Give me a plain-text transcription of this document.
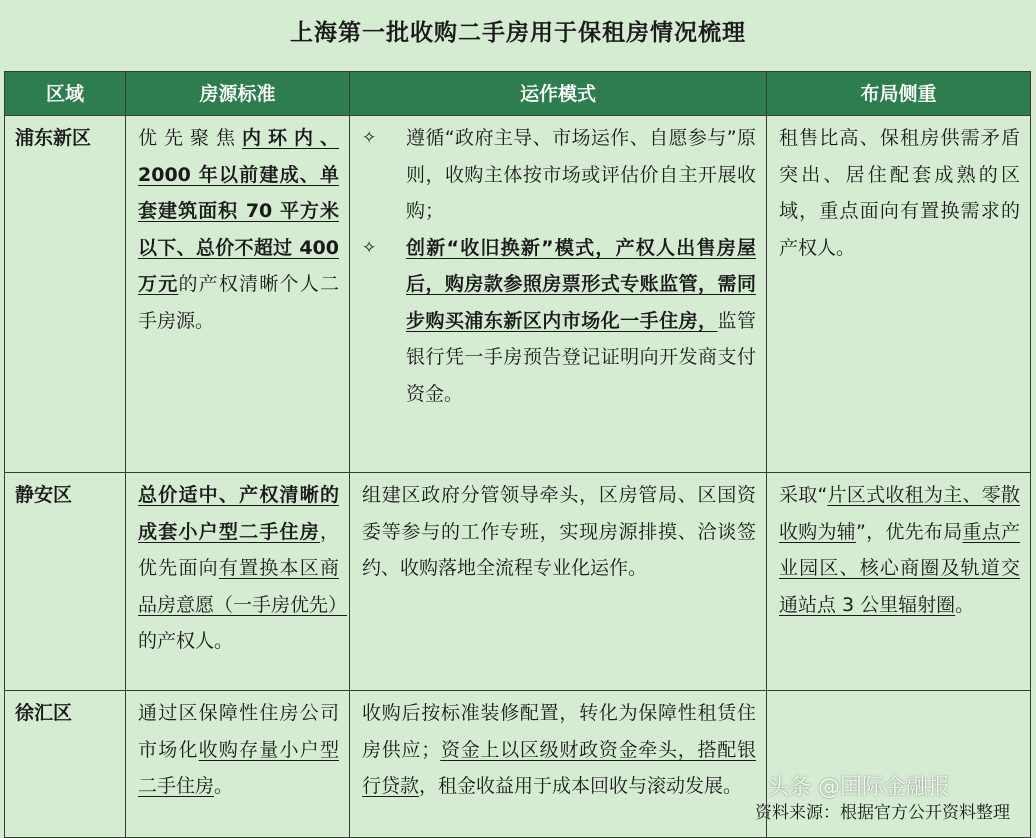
上海第一批收购二手房用于保租房情况梳理
区域	房源标准	运作模式	布局侧重
浦东新区	优先聚焦内环内、2000 年以前建成、单套建筑面积 70 平方米以下、总价不超过 400 万元的产权清晰个人二手房源。	✧ 遵循“政府主导、市场运作、自愿参与”原则，收购主体按市场或评估价自主开展收购；
✧ 创新“收旧换新”模式，产权人出售房屋后，购房款参照房票形式专账监管，需同步购买浦东新区内市场化一手住房，监管银行凭一手房预告登记证明向开发商支付资金。	租售比高、保租房供需矛盾突出、居住配套成熟的区域，重点面向有置换需求的产权人。
静安区	总价适中、产权清晰的成套小户型二手住房，优先面向有置换本区商品房意愿（一手房优先）的产权人。	组建区政府分管领导牵头，区房管局、区国资委等参与的工作专班，实现房源排摸、洽谈签约、收购落地全流程专业化运作。	采取“片区式收租为主、零散收购为辅”，优先布局重点产业园区、核心商圈及轨道交通站点 3 公里辐射圈。
徐汇区	通过区保障性住房公司市场化收购存量小户型二手住房。	收购后按标准装修配置，转化为保障性租赁住房供应；资金上以区级财政资金牵头，搭配银行贷款，租金收益用于成本回收与滚动发展。	
资料来源：根据官方公开资料整理
头条 @国际金融报
